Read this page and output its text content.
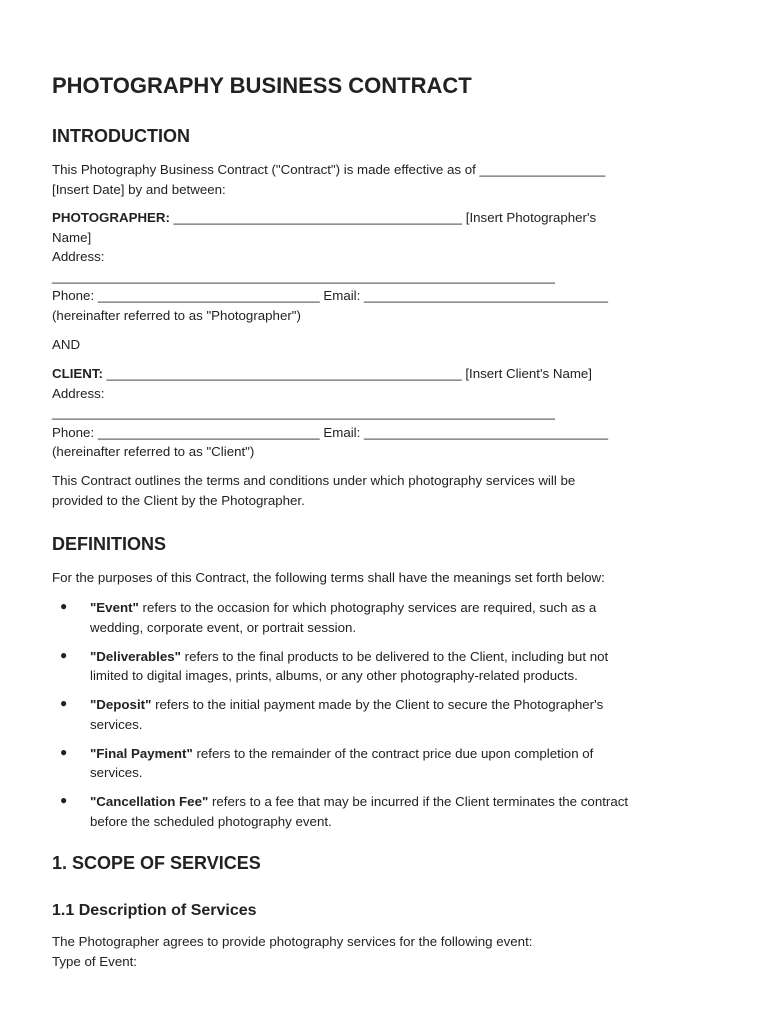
PHOTOGRAPHY BUSINESS CONTRACT
INTRODUCTION
This Photography Business Contract ("Contract") is made effective as of _________________
[Insert Date] by and between:
PHOTOGRAPHER: _______________________________________ [Insert Photographer's
Name]
Address:
____________________________________________________________________
Phone: ______________________________ Email: _________________________________
(hereinafter referred to as "Photographer")
AND
CLIENT: ________________________________________________ [Insert Client's Name]
Address:
____________________________________________________________________
Phone: ______________________________ Email: _________________________________
(hereinafter referred to as "Client")
This Contract outlines the terms and conditions under which photography services will be
provided to the Client by the Photographer.
DEFINITIONS
For the purposes of this Contract, the following terms shall have the meanings set forth below:
● "Event" refers to the occasion for which photography services are required, such as a
wedding, corporate event, or portrait session.
● "Deliverables" refers to the final products to be delivered to the Client, including but not
limited to digital images, prints, albums, or any other photography-related products.
● "Deposit" refers to the initial payment made by the Client to secure the Photographer's
services.
● "Final Payment" refers to the remainder of the contract price due upon completion of
services.
● "Cancellation Fee" refers to a fee that may be incurred if the Client terminates the contract
before the scheduled photography event.
1. SCOPE OF SERVICES
1.1 Description of Services
The Photographer agrees to provide photography services for the following event:
Type of Event:
